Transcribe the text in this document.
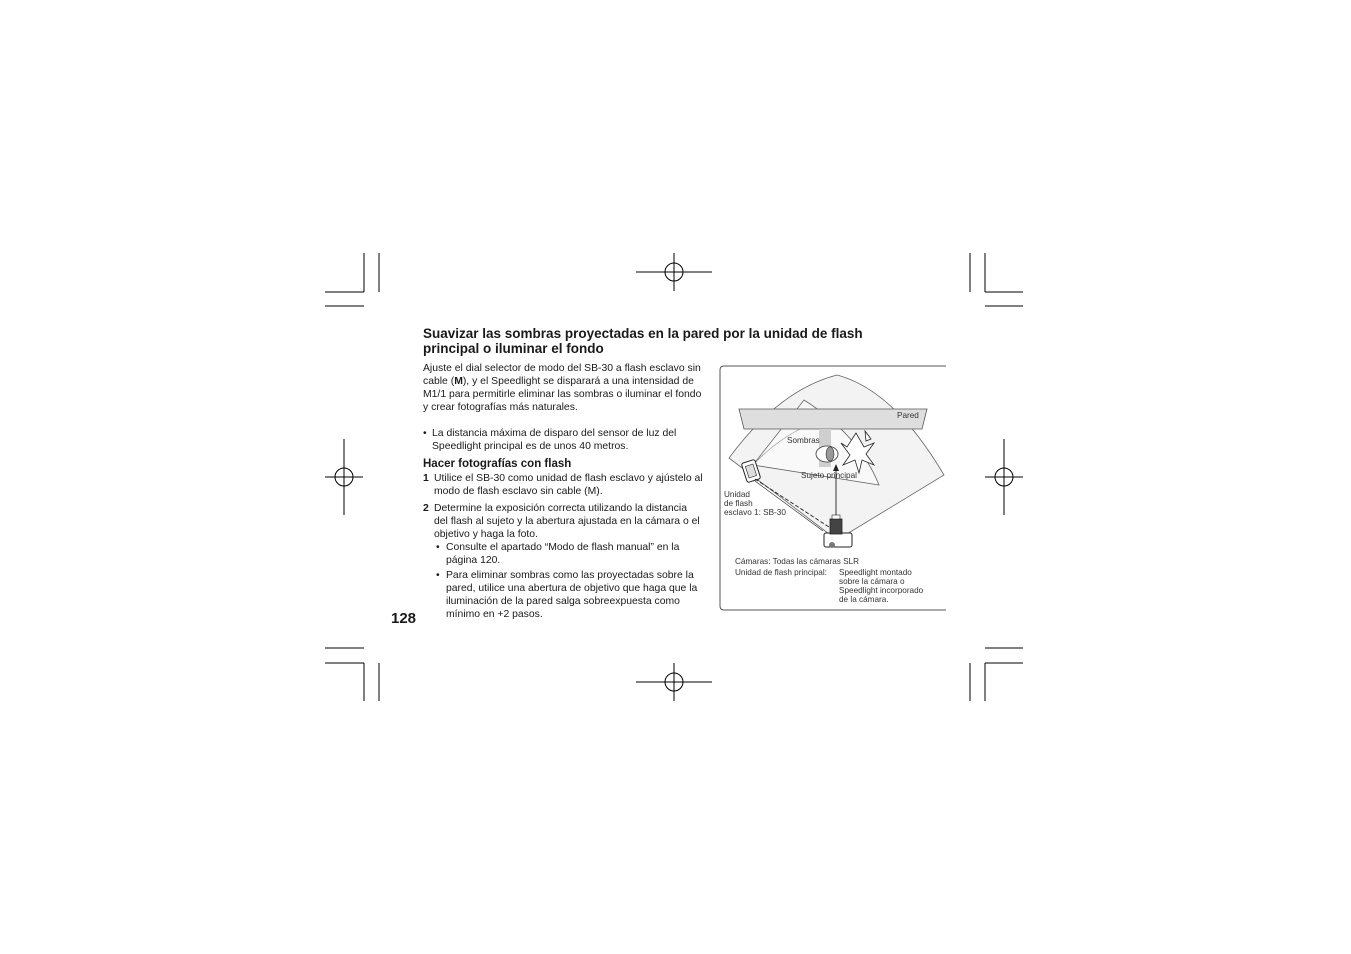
Suavizar las sombras proyectadas en la pared por la unidad de flash principal o iluminar el fondo

Ajuste el dial selector de modo del SB-30 a flash esclavo sin cable (M), y el Speedlight se disparará a una intensidad de M1/1 para permitirle eliminar las sombras o iluminar el fondo y crear fotografías más naturales.

• La distancia máxima de disparo del sensor de luz del Speedlight principal es de unos 40 metros.
Hacer fotografías con flash
1 Utilice el SB-30 como unidad de flash esclavo y ajústelo al modo de flash esclavo sin cable (M).
2 Determine la exposición correcta utilizando la distancia del flash al sujeto y la abertura ajustada en la cámara o el objetivo y haga la foto.
• Consulte el apartado “Modo de flash manual” en la página 120.
• Para eliminar sombras como las proyectadas sobre la pared, utilice una abertura de objetivo que haga que la iluminación de la pared salga sobreexpuesta como mínimo en +2 pasos.
128
Pared
Sombras
Sujeto principal
Unidad
de flash
esclavo 1: SB-30
Cámaras: Todas las cámaras SLR
Unidad de flash principal: Speedlight montado
sobre la cámara o
Speedlight incorporado
de la cámara.
